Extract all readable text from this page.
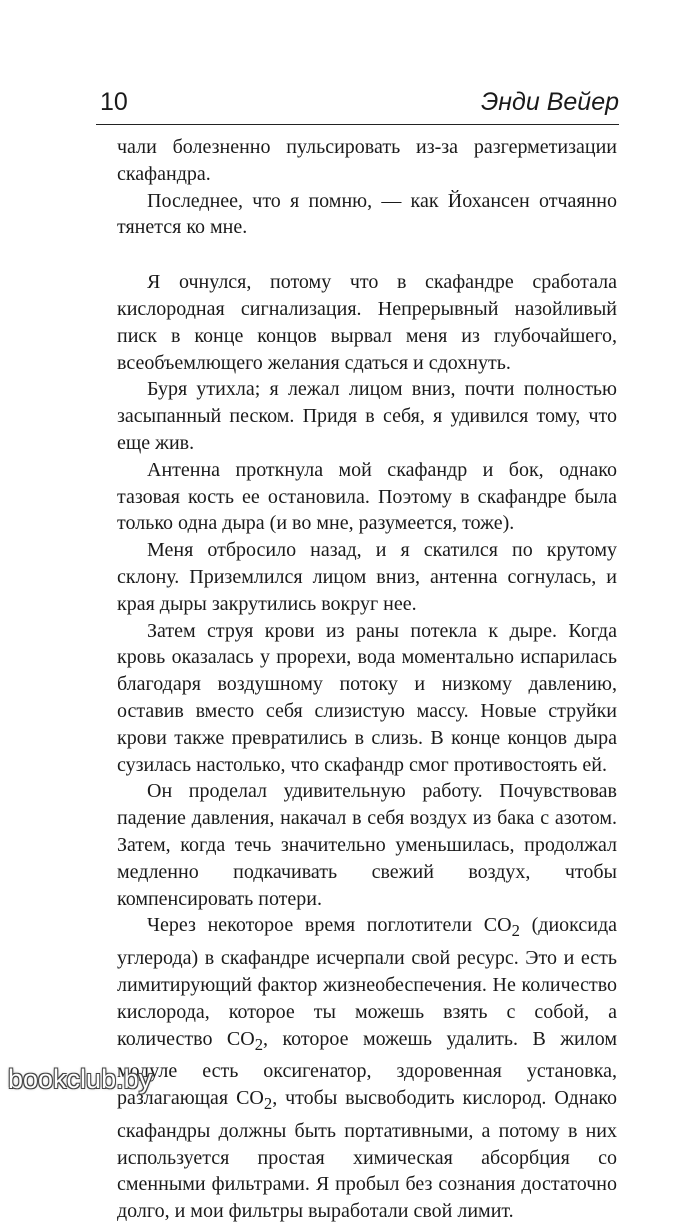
10	Энди Вейер

чали болезненно пульсировать из-за разгерметизации скафандра.

Последнее, что я помню, — как Йохансен отчаянно тянется ко мне.

Я очнулся, потому что в скафандре сработала кислородная сигнализация. Непрерывный назойливый писк в конце концов вырвал меня из глубочайшего, всеобъемлющего желания сдаться и сдохнуть.

Буря утихла; я лежал лицом вниз, почти полностью засыпанный песком. Придя в себя, я удивился тому, что еще жив.

Антенна проткнула мой скафандр и бок, однако тазовая кость ее остановила. Поэтому в скафандре была только одна дыра (и во мне, разумеется, тоже).

Меня отбросило назад, и я скатился по крутому склону. Приземлился лицом вниз, антенна согнулась, и края дыры закрутились вокруг нее.

Затем струя крови из раны потекла к дыре. Когда кровь оказалась у прорехи, вода моментально испарилась благодаря воздушному потоку и низкому давлению, оставив вместо себя слизистую массу. Новые струйки крови также превратились в слизь. В конце концов дыра сузилась настолько, что скафандр смог противостоять ей.

Он проделал удивительную работу. Почувствовав падение давления, накачал в себя воздух из бака с азотом. Затем, когда течь значительно уменьшилась, продолжал медленно подкачивать свежий воздух, чтобы компенсировать потери.

Через некоторое время поглотители $CO_2$ (диоксида углерода) в скафандре исчерпали свой ресурс. Это и есть лимитирующий фактор жизнеобеспечения. Не количество кислорода, которое ты можешь взять с собой, а количество $CO_2$, которое можешь удалить. В жилом модуле есть оксигенатор, здоровенная установка, разлагающая $CO_2$, чтобы высвободить кислород. Однако скафандры должны быть портативными, а потому в них используется простая химическая абсорбция со сменными фильтрами. Я пробыл без сознания достаточно долго, и мои фильтры выработали свой лимит.

bookclub.by
